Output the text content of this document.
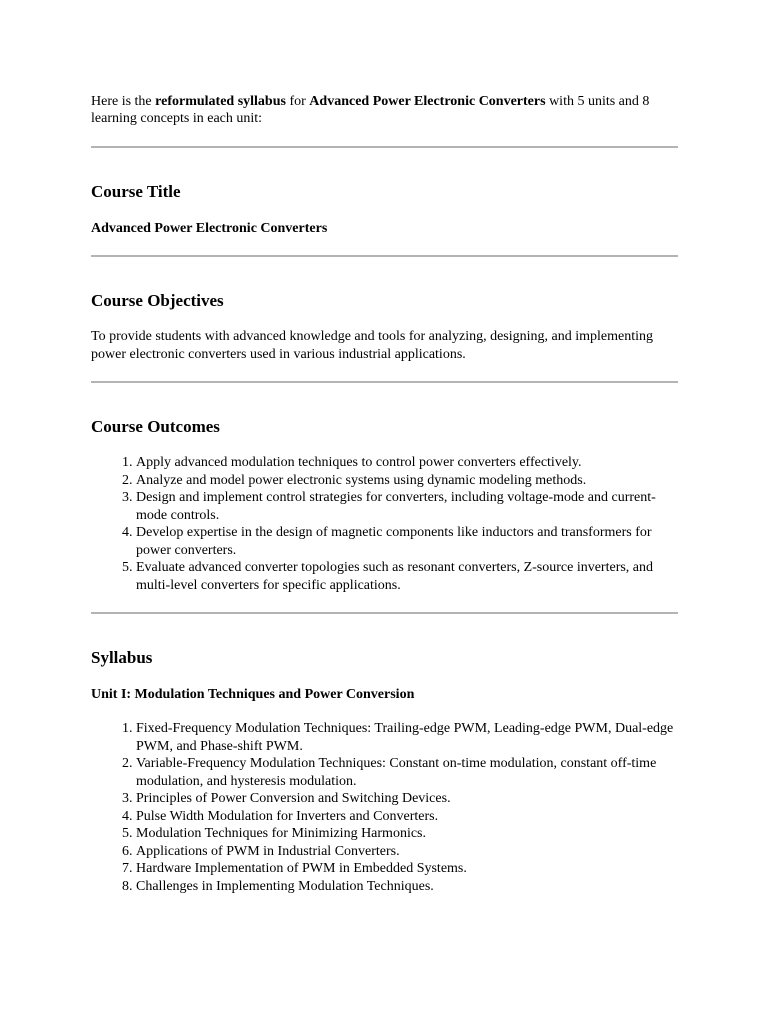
Here is the reformulated syllabus for Advanced Power Electronic Converters with 5 units and 8 learning concepts in each unit:

Course Title
Advanced Power Electronic Converters
Course Objectives

To provide students with advanced knowledge and tools for analyzing, designing, and implementing power electronic converters used in various industrial applications.

Course Outcomes
1. Apply advanced modulation techniques to control power converters effectively.
2. Analyze and model power electronic systems using dynamic modeling methods.
3. Design and implement control strategies for converters, including voltage-mode and current-mode controls.
4. Develop expertise in the design of magnetic components like inductors and transformers for power converters.
5. Evaluate advanced converter topologies such as resonant converters, Z-source inverters, and multi-level converters for specific applications.
Syllabus
Unit I: Modulation Techniques and Power Conversion
1. Fixed-Frequency Modulation Techniques: Trailing-edge PWM, Leading-edge PWM, Dual-edge PWM, and Phase-shift PWM.
2. Variable-Frequency Modulation Techniques: Constant on-time modulation, constant off-time modulation, and hysteresis modulation.
3. Principles of Power Conversion and Switching Devices.
4. Pulse Width Modulation for Inverters and Converters.
5. Modulation Techniques for Minimizing Harmonics.
6. Applications of PWM in Industrial Converters.
7. Hardware Implementation of PWM in Embedded Systems.
8. Challenges in Implementing Modulation Techniques.
